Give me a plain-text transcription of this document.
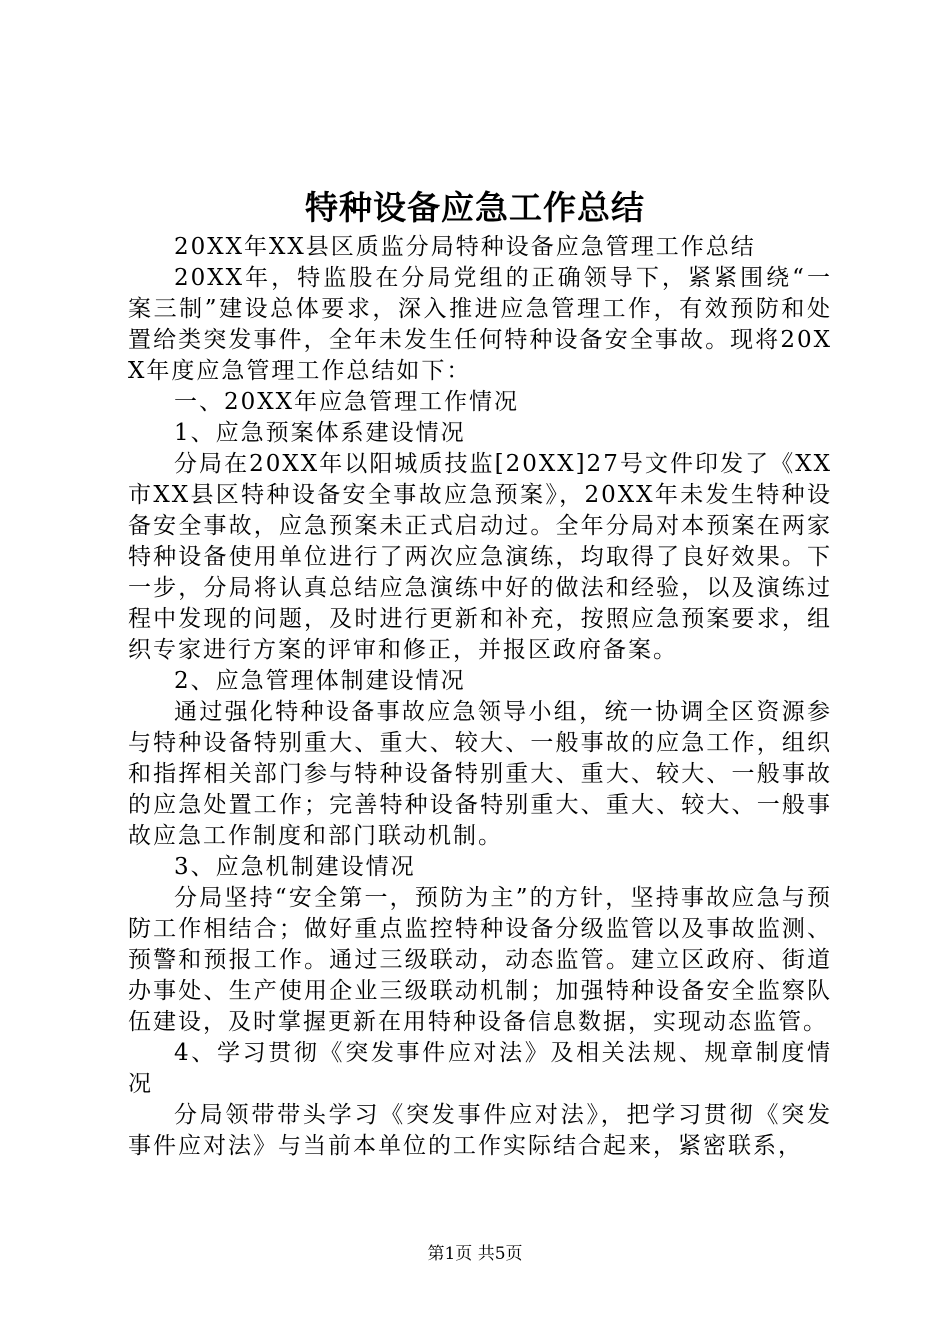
特种设备应急工作总结

20XX年XX县区质监分局特种设备应急管理工作总结

20XX年，特监股在分局党组的正确领导下，紧紧围绕“一案三制”建设总体要求，深入推进应急管理工作，有效预防和处置给类突发事件，全年未发生任何特种设备安全事故。现将20XX年度应急管理工作总结如下：

一、20XX年应急管理工作情况

1、应急预案体系建设情况

分局在20XX年以阳城质技监[20XX]27号文件印发了《XX市XX县区特种设备安全事故应急预案》，20XX年未发生特种设备安全事故，应急预案未正式启动过。全年分局对本预案在两家特种设备使用单位进行了两次应急演练，均取得了良好效果。下一步，分局将认真总结应急演练中好的做法和经验，以及演练过程中发现的问题，及时进行更新和补充，按照应急预案要求，组织专家进行方案的评审和修正，并报区政府备案。

2、应急管理体制建设情况

通过强化特种设备事故应急领导小组，统一协调全区资源参与特种设备特别重大、重大、较大、一般事故的应急工作，组织和指挥相关部门参与特种设备特别重大、重大、较大、一般事故的应急处置工作；完善特种设备特别重大、重大、较大、一般事故应急工作制度和部门联动机制。

3、应急机制建设情况

分局坚持“安全第一，预防为主”的方针，坚持事故应急与预防工作相结合；做好重点监控特种设备分级监管以及事故监测、预警和预报工作。通过三级联动，动态监管。建立区政府、街道办事处、生产使用企业三级联动机制；加强特种设备安全监察队伍建设，及时掌握更新在用特种设备信息数据，实现动态监管。

4、学习贯彻《突发事件应对法》及相关法规、规章制度情况

分局领带带头学习《突发事件应对法》，把学习贯彻《突发事件应对法》与当前本单位的工作实际结合起来，紧密联系，

第1页 共5页
